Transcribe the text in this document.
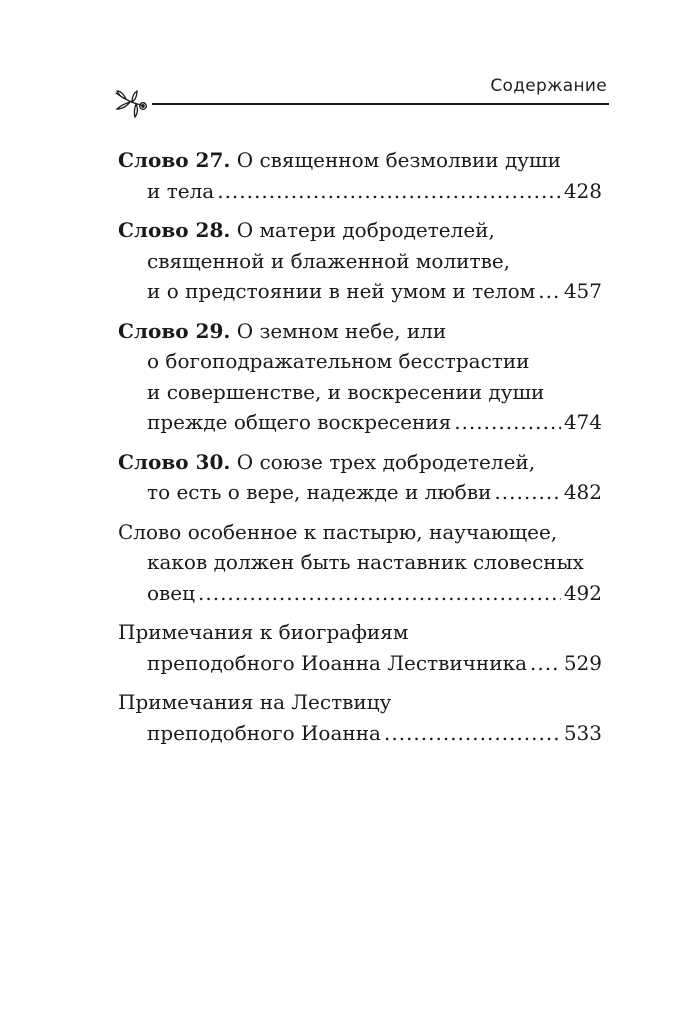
Содержание
Слово 27. О священном безмолвии души
и тела .....	428
Слово 28. О матери добродетелей,
священной и блаженной молитве,
и о предстоянии в ней умом и телом ..... 457
Слово 29. О земном небе, или
о богоподражательном бесстрастии
и совершенстве, и воскресении души
прежде общего воскресения .....	474
Слово 30. О союзе трех добродетелей,
то есть о вере, надежде и любви .....	482
Слово особенное к пастырю, научающее,
каков должен быть наставник словесных
овец .....	492
Примечания к биографиям
преподобного Иоанна Лествичника ..... 529
Примечания на Лествицу
преподобного Иоанна .....	533
